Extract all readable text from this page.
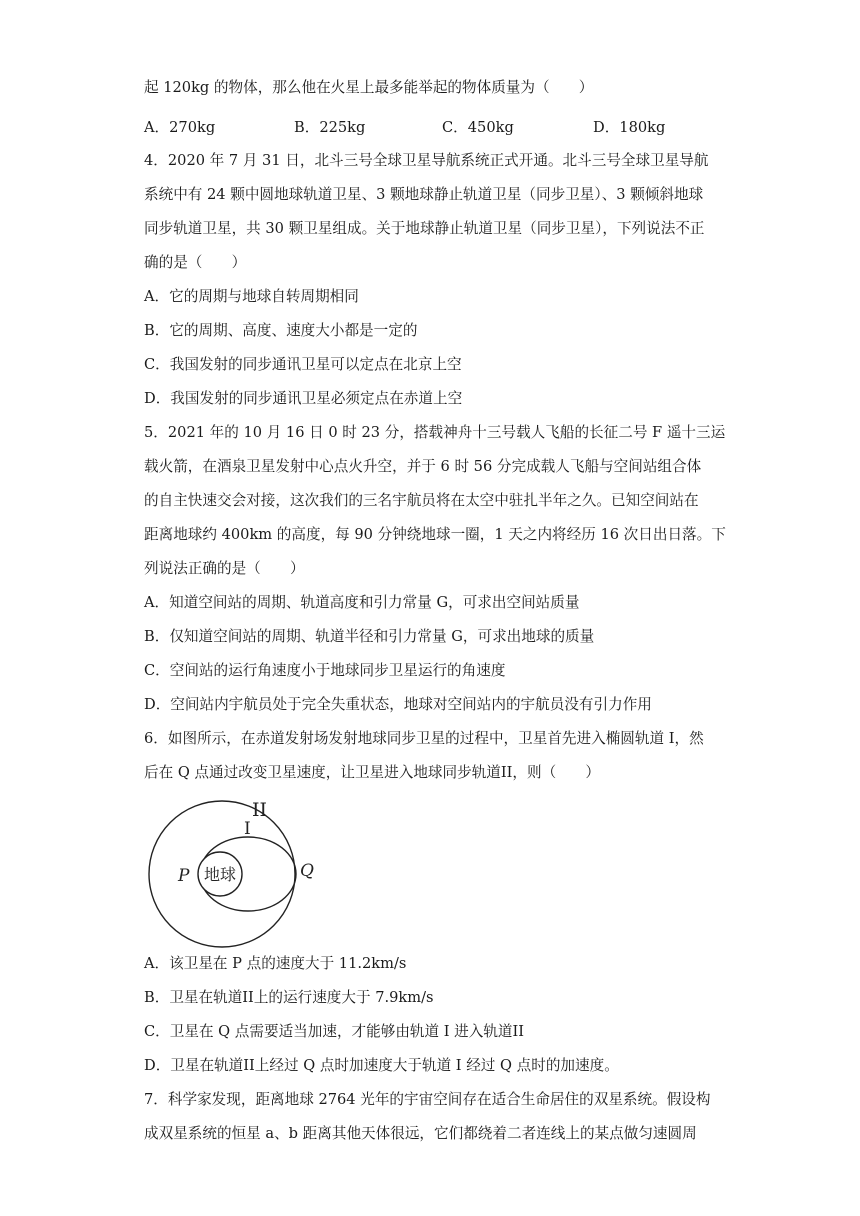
起 120kg 的物体，那么他在火星上最多能举起的物体质量为（　　）
A．270kg	B．225kg	C．450kg	D．180kg
4．2020 年 7 月 31 日，北斗三号全球卫星导航系统正式开通。北斗三号全球卫星导航
系统中有 24 颗中圆地球轨道卫星、3 颗地球静止轨道卫星（同步卫星）、3 颗倾斜地球
同步轨道卫星，共 30 颗卫星组成。关于地球静止轨道卫星（同步卫星），下列说法不正
确的是（　　）
A．它的周期与地球自转周期相同
B．它的周期、高度、速度大小都是一定的
C．我国发射的同步通讯卫星可以定点在北京上空
D．我国发射的同步通讯卫星必须定点在赤道上空
5．2021 年的 10 月 16 日 0 时 23 分，搭载神舟十三号载人飞船的长征二号 F 遥十三运
载火箭，在酒泉卫星发射中心点火升空，并于 6 时 56 分完成载人飞船与空间站组合体
的自主快速交会对接，这次我们的三名宇航员将在太空中驻扎半年之久。已知空间站在
距离地球约 400km 的高度，每 90 分钟绕地球一圈，1 天之内将经历 16 次日出日落。下
列说法正确的是（　　）
A．知道空间站的周期、轨道高度和引力常量 G，可求出空间站质量
B．仅知道空间站的周期、轨道半径和引力常量 G，可求出地球的质量
C．空间站的运行角速度小于地球同步卫星运行的角速度
D．空间站内宇航员处于完全失重状态，地球对空间站内的宇航员没有引力作用
6．如图所示，在赤道发射场发射地球同步卫星的过程中，卫星首先进入椭圆轨道 I，然
后在 Q 点通过改变卫星速度，让卫星进入地球同步轨道II，则（　　）
地球
II
I
P	Q
A．该卫星在 P 点的速度大于 11.2km/s
B．卫星在轨道II上的运行速度大于 7.9km/s
C．卫星在 Q 点需要适当加速，才能够由轨道 I 进入轨道II
D．卫星在轨道II上经过 Q 点时加速度大于轨道 I 经过 Q 点时的加速度。
7．科学家发现，距离地球 2764 光年的宇宙空间存在适合生命居住的双星系统。假设构
成双星系统的恒星 a、b 距离其他天体很远，它们都绕着二者连线上的某点做匀速圆周
